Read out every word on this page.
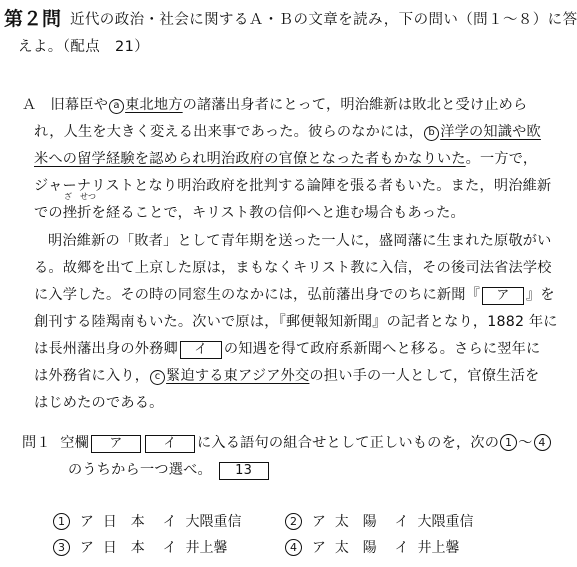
第２問 近代の政治・社会に関するＡ・Ｂの文章を読み，下の問い（問１～８）に答
えよ。（配点　21）
Ａ 旧幕臣や a 東北地方の諸藩出身者にとって，明治維新は敗北と受け止めら
れ，人生を大きく変える出来事であった。彼らのなかには， b 洋学の知識や欧
米への留学経験を認められ明治政府の官僚となった者もかなりいた。一方で，
ジャーナリストとなり明治政府を批判する論陣を張る者もいた。また，明治維新
ざ　せつ
での挫折を経ることで，キリスト教の信仰へと進む場合もあった。
明治維新の「敗者」として青年期を送った一人に，盛岡藩に生まれた原敬がい
る。故郷を出て上京した原は，まもなくキリスト教に入信，その後司法省法学校
に入学した。その時の同窓生のなかには，弘前藩出身でのちに新聞『 ア 』を
創刊する陸羯南もいた。次いで原は，『郵便報知新聞』の記者となり，1882 年に
は長州藩出身の外務卿 イ の知遇を得て政府系新聞へと移る。さらに翌年に
は外務省に入り， c 緊迫する東アジア外交の担い手の一人として，官僚生活を
はじめたのである。
問１ 空欄 ア	イ に入る語句の組合せとして正しいものを，次の 1 ～ 4
のうちから一つ選べ。 13
1 ア 日　本 イ 大隈重信	2 ア 太　陽 イ 大隈重信
3 ア 日　本 イ 井上馨	4 ア 太　陽 イ 井上馨
